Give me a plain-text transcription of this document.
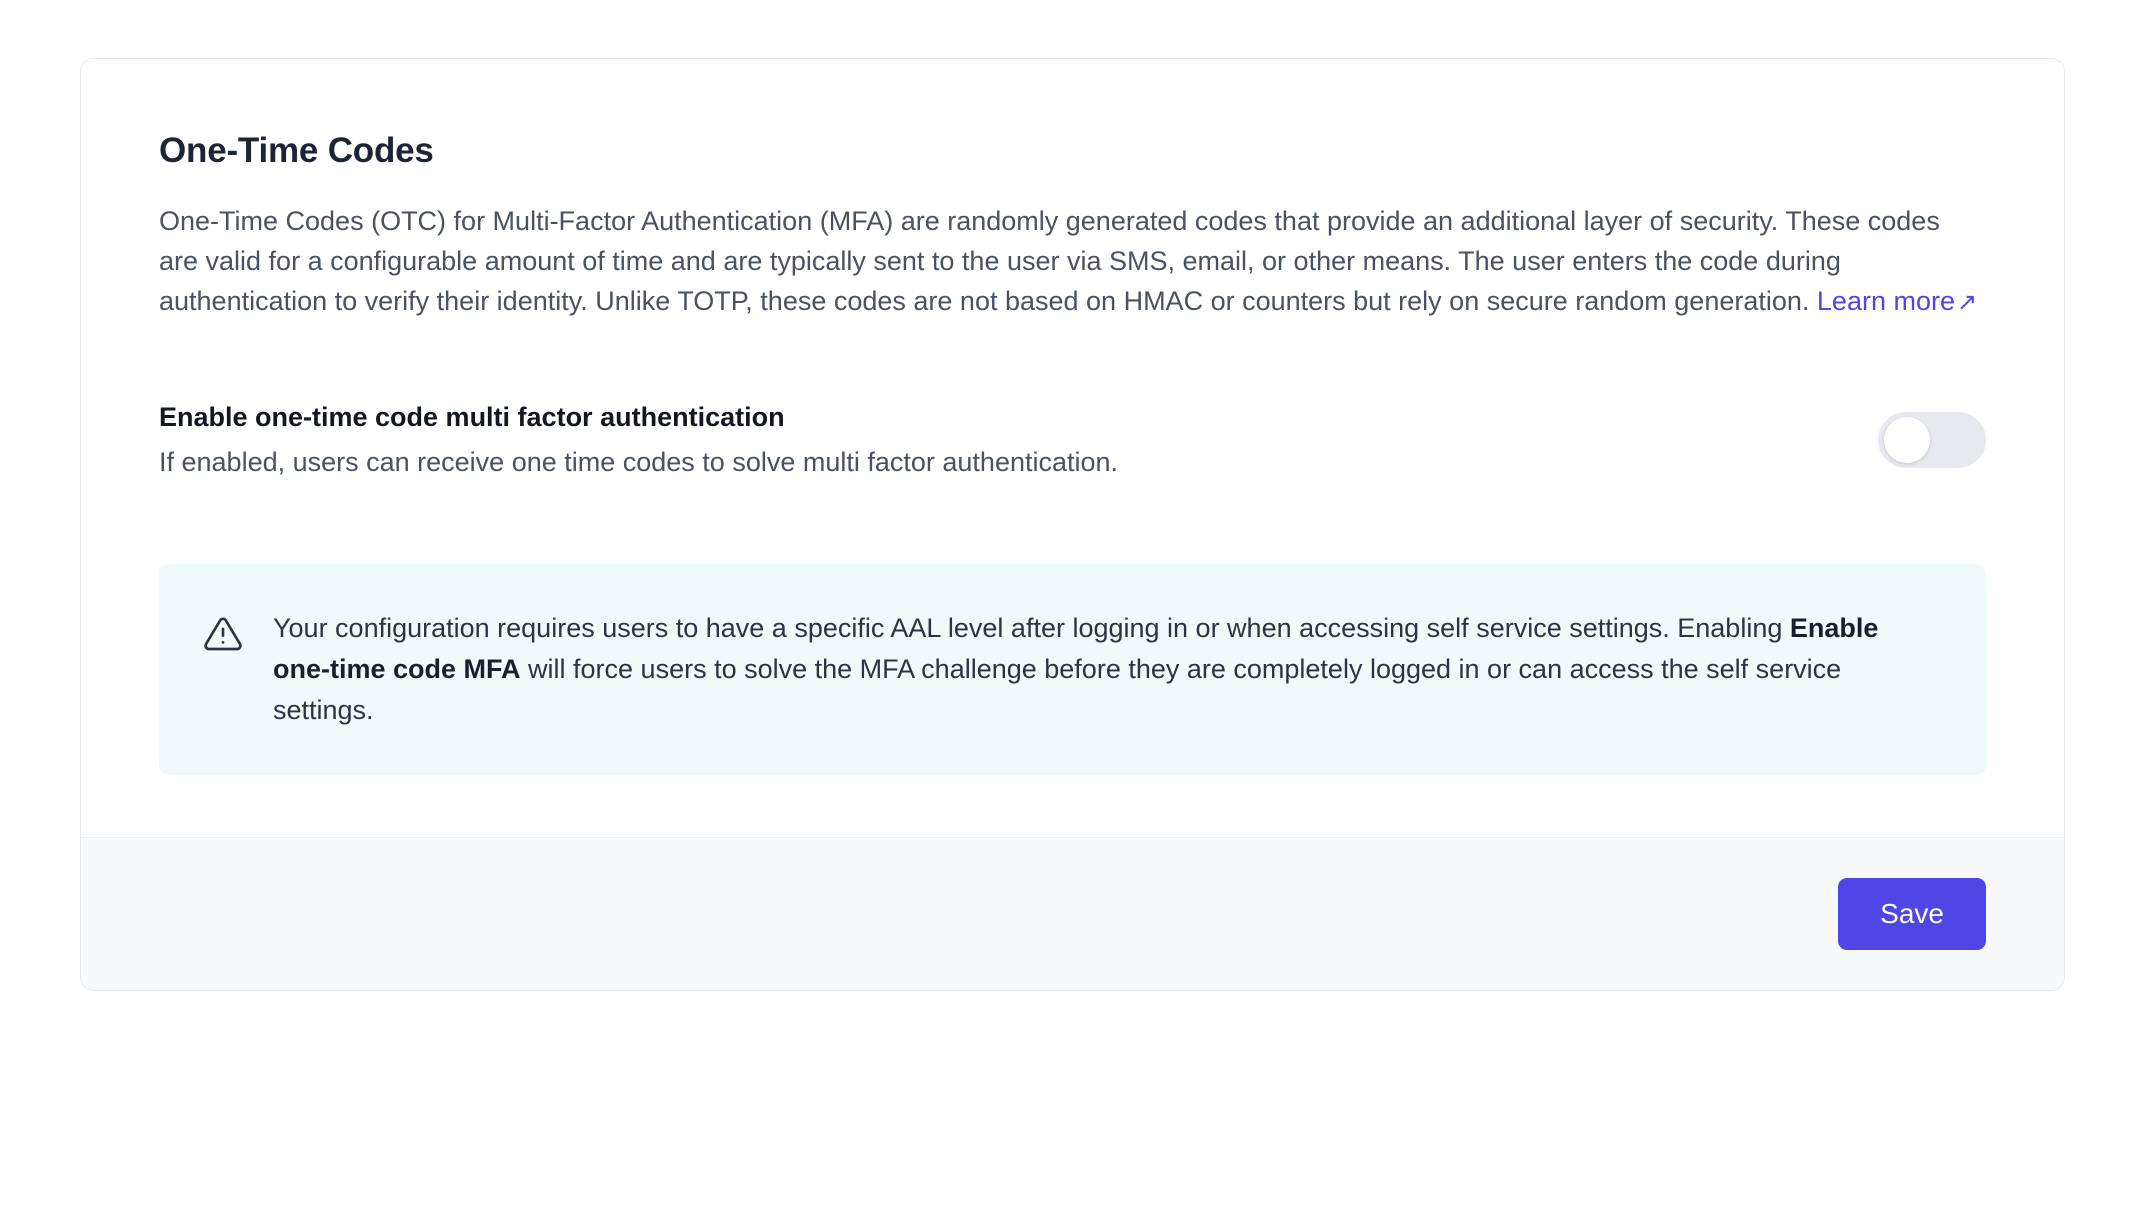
One-Time Codes

One-Time Codes (OTC) for Multi-Factor Authentication (MFA) are randomly generated codes that provide an additional layer of security. These codes are valid for a configurable amount of time and are typically sent to the user via SMS, email, or other means. The user enters the code during authentication to verify their identity. Unlike TOTP, these codes are not based on HMAC or counters but rely on secure random generation. Learn more↗

Enable one-time code multi factor authentication

If enabled, users can receive one time codes to solve multi factor authentication.

Your configuration requires users to have a specific AAL level after logging in or when accessing self service settings. Enabling Enable one-time code MFA will force users to solve the MFA challenge before they are completely logged in or can access the self service settings.
Save
